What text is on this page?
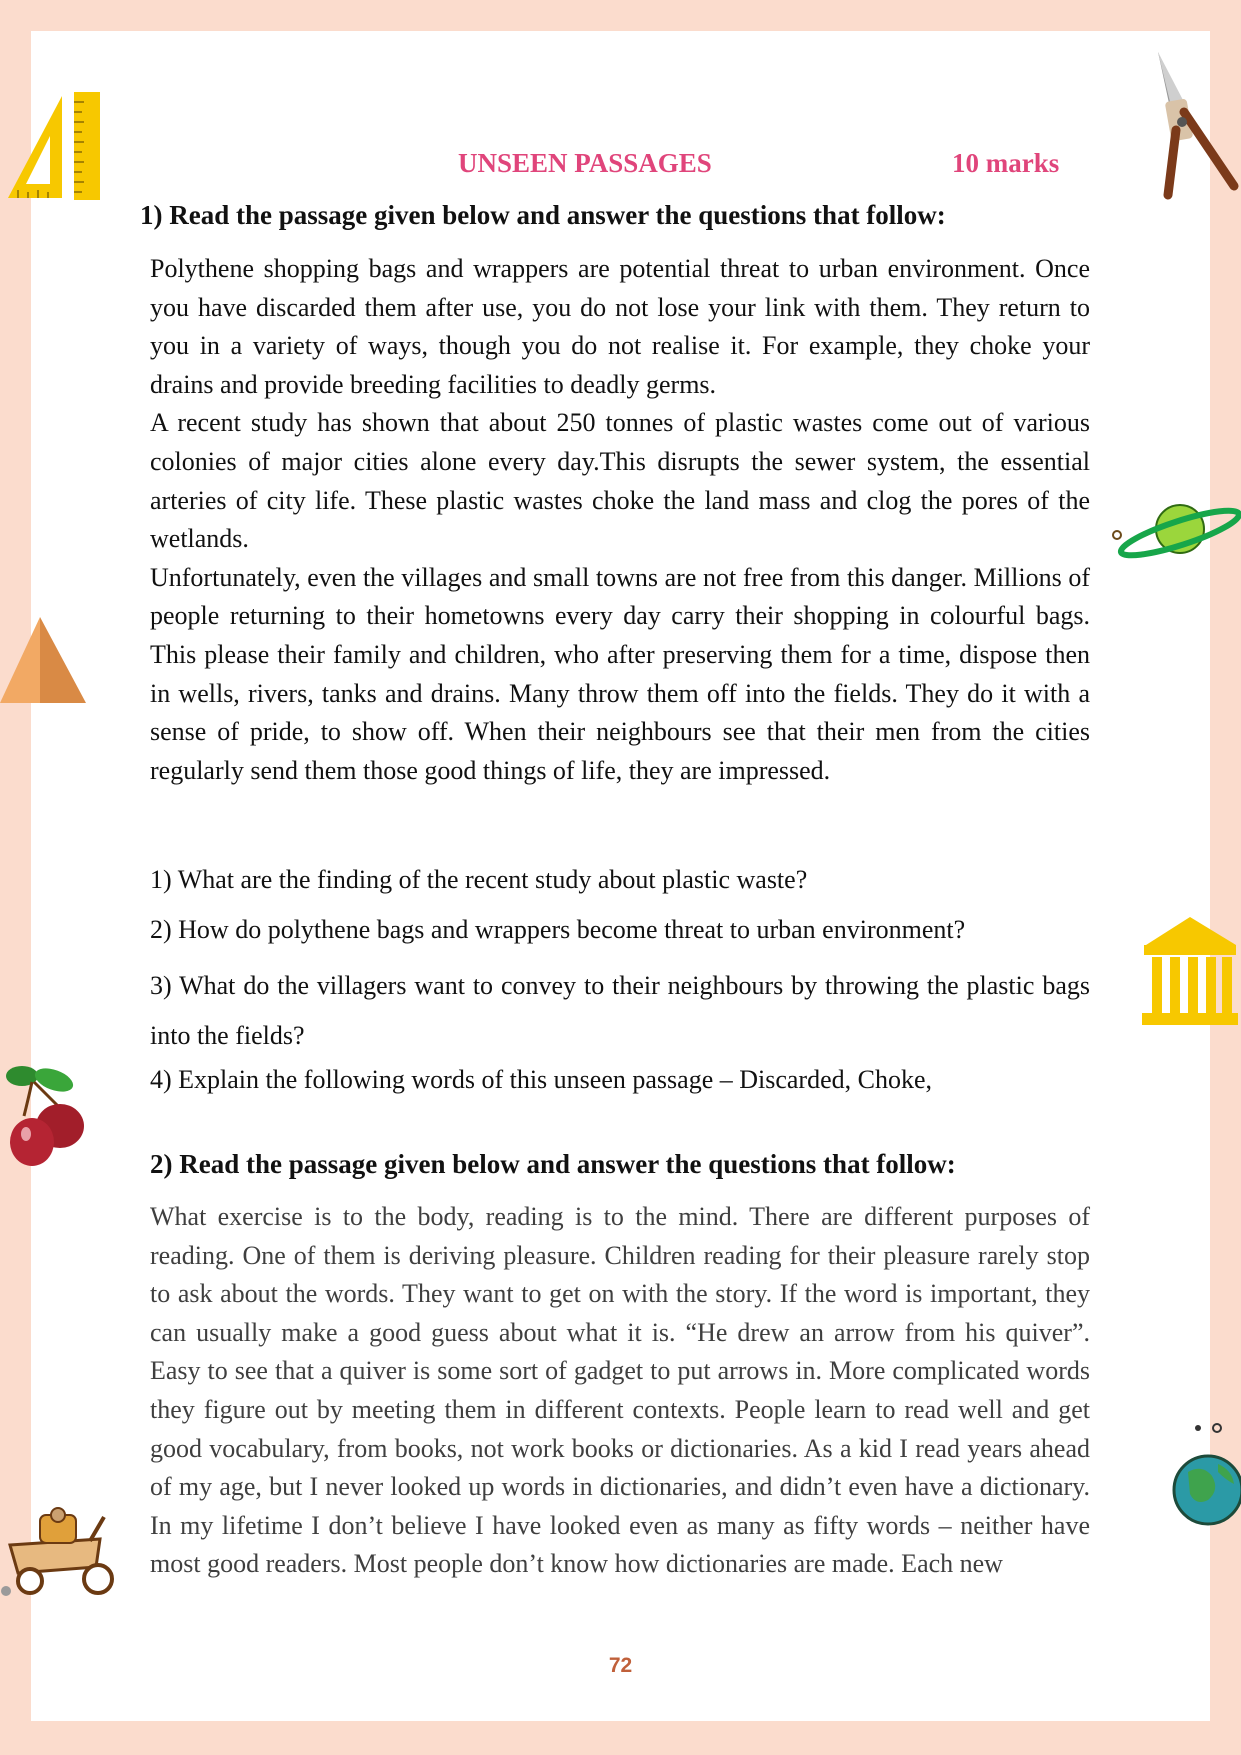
UNSEEN PASSAGES	10 marks
1) Read the passage given below and answer the questions that follow:

Polythene shopping bags and wrappers are potential threat to urban environment. Once you have discarded them after use, you do not lose your link with them. They return to you in a variety of ways, though you do not realise it. For example, they choke your drains and provide breeding facilities to deadly germs.

A recent study has shown that about 250 tonnes of plastic wastes come out of various colonies of major cities alone every day.This disrupts the sewer system, the essential arteries of city life. These plastic wastes choke the land mass and clog the pores of the wetlands.

Unfortunately, even the villages and small towns are not free from this danger. Millions of people returning to their hometowns every day carry their shopping in colourful bags. This please their family and children, who after preserving them for a time, dispose then in wells, rivers, tanks and drains. Many throw them off into the fields. They do it with a sense of pride, to show off. When their neighbours see that their men from the cities regularly send them those good things of life, they are impressed.

1) What are the finding of the recent study about plastic waste?

2) How do polythene bags and wrappers become threat to urban environment?

3) What do the villagers want to convey to their neighbours by throwing the plastic bags into the fields?

4) Explain the following words of this unseen passage – Discarded, Choke,

2) Read the passage given below and answer the questions that follow:

What exercise is to the body, reading is to the mind. There are different purposes of reading. One of them is deriving pleasure. Children reading for their pleasure rarely stop to ask about the words. They want to get on with the story. If the word is important, they can usually make a good guess about what it is. “He drew an arrow from his quiver”. Easy to see that a quiver is some sort of gadget to put arrows in. More complicated words they figure out by meeting them in different contexts. People learn to read well and get good vocabulary, from books, not work books or dictionaries. As a kid I read years ahead of my age, but I never looked up words in dictionaries, and didn’t even have a dictionary. In my lifetime I don’t believe I have looked even as many as fifty words – neither have most good readers. Most people don’t know how dictionaries are made. Each new

72
